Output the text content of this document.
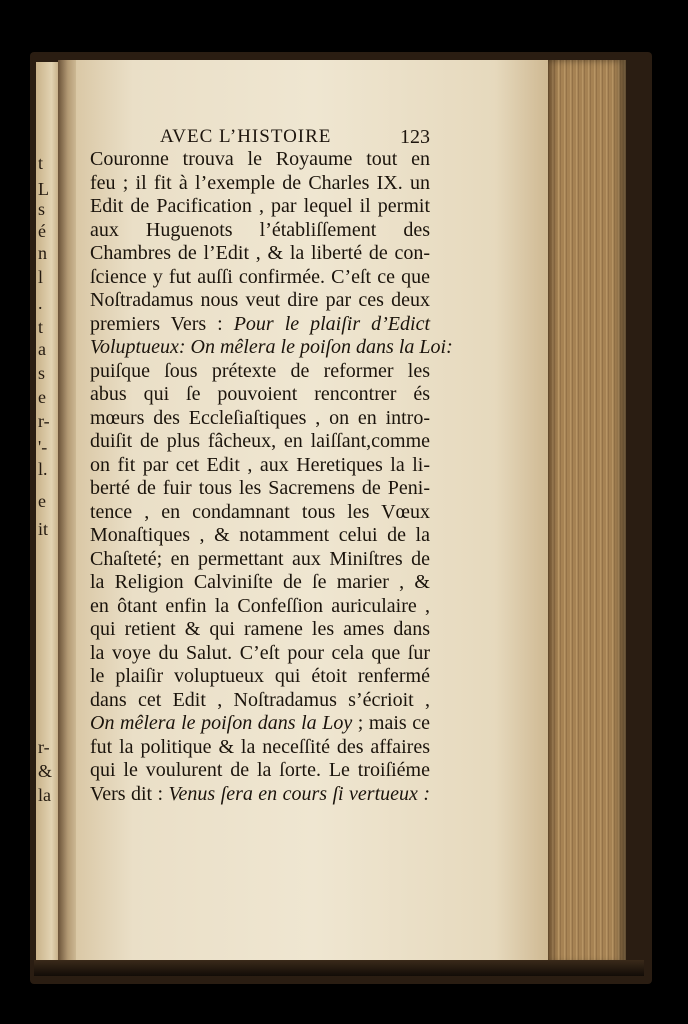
t
L
s
é
n
l
.
t
a
s
e
r-
'-
l.
e
it
r-
&
la
AVEC L’HISTOIRE	123
Couronne trouva le Royaume tout en
feu ; il fit à l’exemple de Charles IX. un
Edit de Pacification , par lequel il permit
aux Huguenots l’établiſſement des
Chambres de l’Edit , & la liberté de con-
ſcience y fut auſſi confirmée. C’eſt ce que
Noſtradamus nous veut dire par ces deux
premiers Vers : Pour le plaiſir d’Edict
Voluptueux: On mêlera le poiſon dans la Loi:
puiſque ſous prétexte de reformer les
abus qui ſe pouvoient rencontrer és
mœurs des Eccleſiaſtiques , on en intro-
duiſit de plus fâcheux, en laiſſant,comme
on fit par cet Edit , aux Heretiques la li-
berté de fuir tous les Sacremens de Peni-
tence , en condamnant tous les Vœux
Monaſtiques , & notamment celui de la
Chaſteté; en permettant aux Miniſtres de
la Religion Calviniſte de ſe marier , &
en ôtant enfin la Confeſſion auriculaire ,
qui retient & qui ramene les ames dans
la voye du Salut. C’eſt pour cela que ſur
le plaiſir voluptueux qui étoit renfermé
dans cet Edit , Noſtradamus s’écrioit ,
On mêlera le poiſon dans la Loy ; mais ce
fut la politique & la neceſſité des affaires
qui le voulurent de la ſorte. Le troiſiéme
Vers dit : Venus ſera en cours ſi vertueux :
